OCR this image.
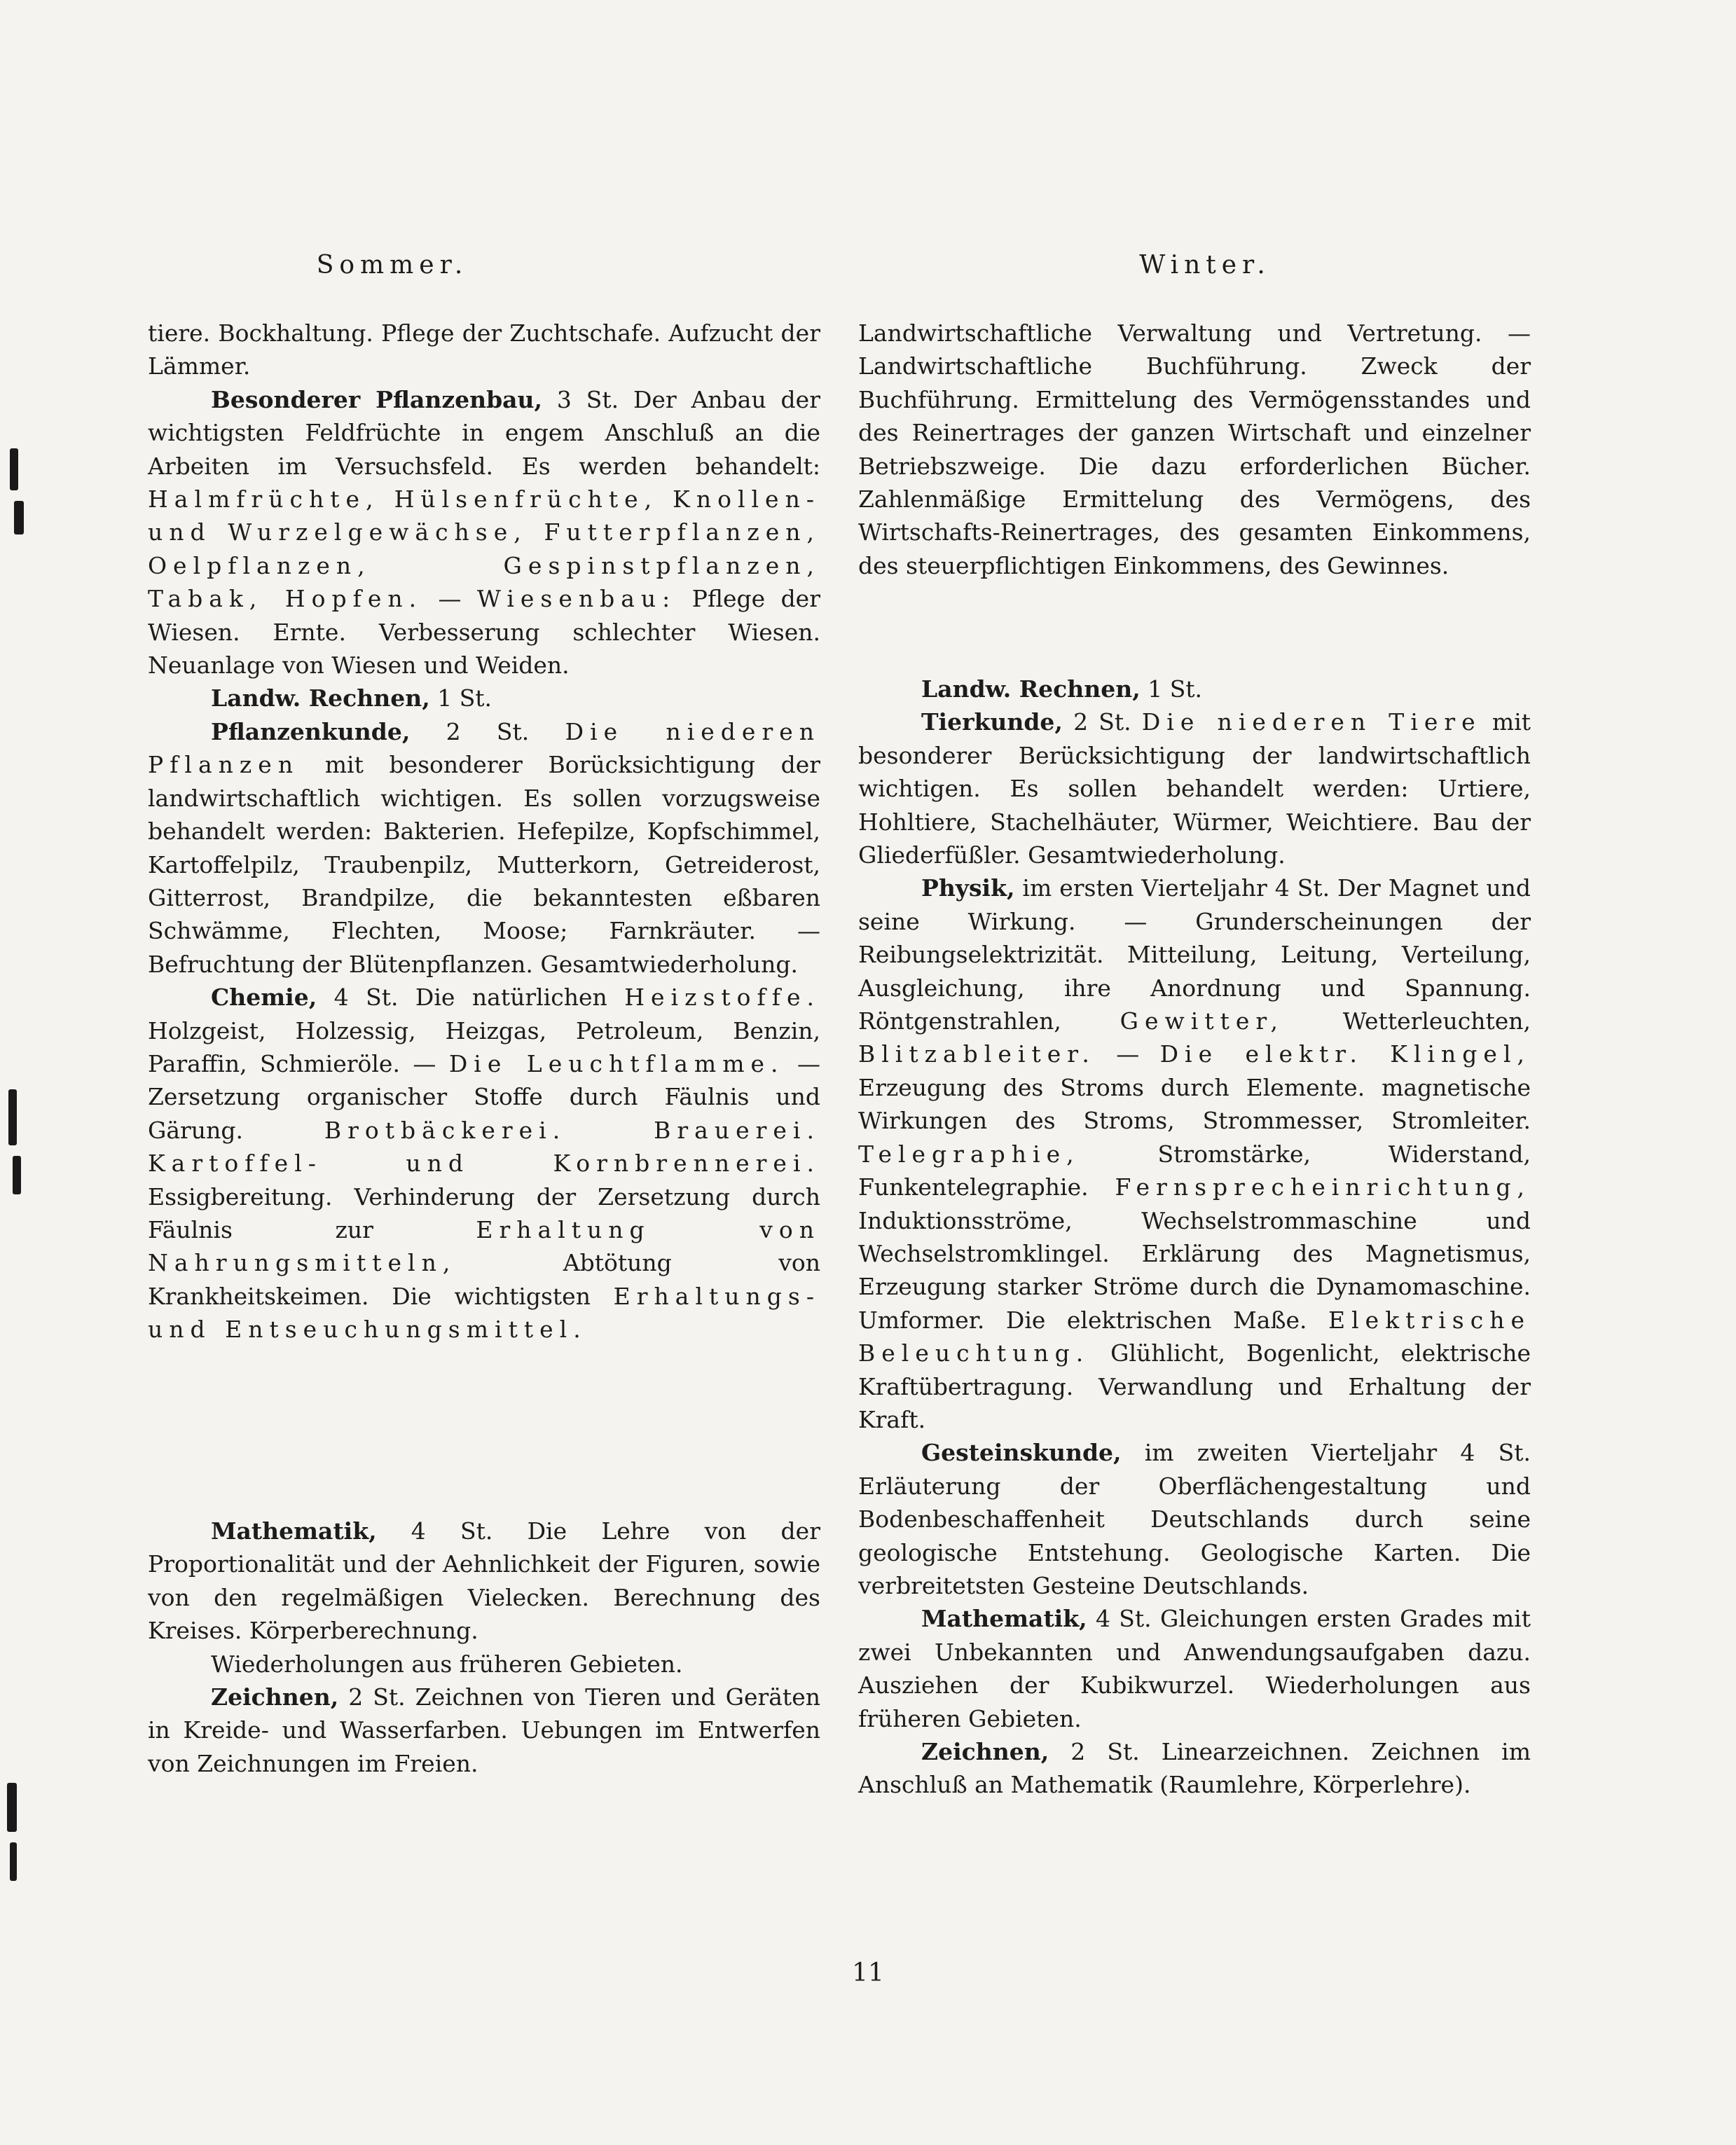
Sommer.	Winter.

tiere. Bockhaltung. Pflege der Zuchtschafe. Aufzucht der Lämmer.

Besonderer Pflanzenbau, 3 St. Der Anbau der wichtigsten Feldfrüchte in engem Anschluß an die Arbeiten im Versuchsfeld. Es werden behandelt: Halmfrüchte, Hülsenfrüchte, Knollen- und Wurzelgewächse, Futterpflanzen, Oelpflanzen, Gespinstpflanzen, Tabak, Hopfen. — Wiesenbau: Pflege der Wiesen. Ernte. Verbesserung schlechter Wiesen. Neuanlage von Wiesen und Weiden.

Landw. Rechnen, 1 St.

Pflanzenkunde, 2 St. Die niederen Pflanzen mit besonderer Borücksichtigung der landwirtschaftlich wichtigen. Es sollen vorzugsweise behandelt werden: Bakterien. Hefepilze, Kopfschimmel, Kartoffelpilz, Traubenpilz, Mutterkorn, Getreiderost, Gitterrost, Brandpilze, die bekanntesten eßbaren Schwämme, Flechten, Moose; Farnkräuter. — Befruchtung der Blütenpflanzen. Gesamtwiederholung.

Chemie, 4 St. Die natürlichen Heizstoffe. Holzgeist, Holzessig, Heizgas, Petroleum, Benzin, Paraffin, Schmieröle. — Die Leuchtflamme. — Zersetzung organischer Stoffe durch Fäulnis und Gärung.	Brotbäckerei. Brauerei. Kartoffel- und Kornbrennerei. Essigbereitung. Verhinderung der Zersetzung durch Fäulnis zur	Erhaltung von Nahrungsmitteln,	Abtötung von Krankheitskeimen. Die wichtigsten Erhaltungs- und Entseuchungsmittel.

Mathematik, 4 St. Die Lehre von der Proportionalität und der Aehnlichkeit der Figuren, sowie von den regelmäßigen Vielecken. Berechnung des Kreises. Körperberechnung.

Wiederholungen aus früheren Gebieten.

Zeichnen, 2 St. Zeichnen von Tieren und Geräten in Kreide- und Wasserfarben. Uebungen im Entwerfen von Zeichnungen im Freien.

Landwirtschaftliche Verwaltung und Vertretung. — Landwirtschaftliche Buchführung. Zweck der Buchführung. Ermittelung des Vermögensstandes und des Reinertrages der ganzen Wirtschaft und einzelner Betriebszweige. Die dazu erforderlichen Bücher. Zahlenmäßige Ermittelung des Vermögens, des Wirtschafts-Reinertrages, des gesamten Einkommens, des steuerpflichtigen Einkommens, des Gewinnes.

Landw. Rechnen, 1 St.

Tierkunde, 2 St. Die niederen Tiere mit besonderer Berücksichtigung der landwirtschaftlich wichtigen. Es sollen behandelt werden: Urtiere, Hohltiere, Stachelhäuter, Würmer, Weichtiere. Bau der Gliederfüßler. Gesamtwiederholung.

Physik, im ersten Vierteljahr 4 St. Der Magnet und seine Wirkung. — Grunderscheinungen der Reibungselektrizität. Mitteilung, Leitung, Verteilung, Ausgleichung, ihre Anordnung und Spannung. Röntgenstrahlen,	Gewitter,	Wetterleuchten, Blitzableiter. — Die elektr. Klingel, Erzeugung des Stroms durch Elemente. magnetische Wirkungen des Stroms, Strommesser, Stromleiter. Telegraphie,	Stromstärke, Widerstand, Funkentelegraphie. Fernsprecheinrichtung, Induktionsströme, Wechselstrommaschine und Wechselstromklingel. Erklärung des Magnetismus, Erzeugung starker Ströme durch die Dynamomaschine. Umformer. Die elektrischen Maße. Elektrische Beleuchtung. Glühlicht, Bogenlicht, elektrische Kraftübertragung. Verwandlung und Erhaltung der Kraft.

Gesteinskunde, im zweiten Vierteljahr 4 St. Erläuterung der Oberflächengestaltung und Bodenbeschaffenheit Deutschlands durch seine geologische Entstehung. Geologische Karten. Die verbreitetsten Gesteine Deutschlands.

Mathematik, 4 St. Gleichungen ersten Grades mit zwei Unbekannten und Anwendungsaufgaben dazu. Ausziehen der Kubikwurzel. Wiederholungen aus früheren Gebieten.

Zeichnen, 2 St. Linearzeichnen. Zeichnen im Anschluß an Mathematik (Raumlehre, Körperlehre).

11
